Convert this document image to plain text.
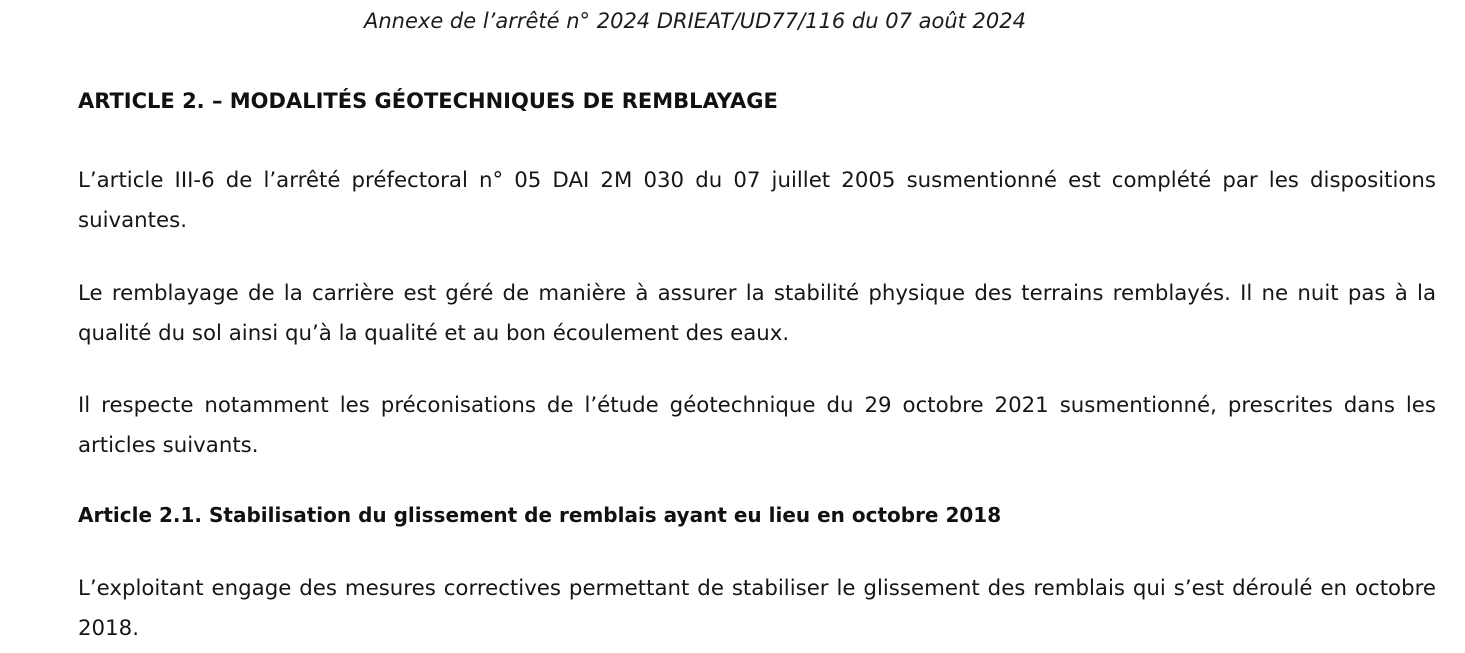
Annexe de l’arrêté n° 2024 DRIEAT/UD77/116 du 07 août 2024
ARTICLE 2. – MODALITÉS GÉOTECHNIQUES DE REMBLAYAGE

L’article III-6 de l’arrêté préfectoral n° 05 DAI 2M 030 du 07 juillet 2005 susmentionné est complété par les dispositions suivantes.

Le remblayage de la carrière est géré de manière à assurer la stabilité physique des terrains remblayés. Il ne nuit pas à la qualité du sol ainsi qu’à la qualité et au bon écoulement des eaux.

Il respecte notamment les préconisations de l’étude géotechnique du 29 octobre 2021 susmentionné, prescrites dans les articles suivants.

Article 2.1. Stabilisation du glissement de remblais ayant eu lieu en octobre 2018

L’exploitant engage des mesures correctives permettant de stabiliser le glissement des remblais qui s’est déroulé en octobre 2018.
